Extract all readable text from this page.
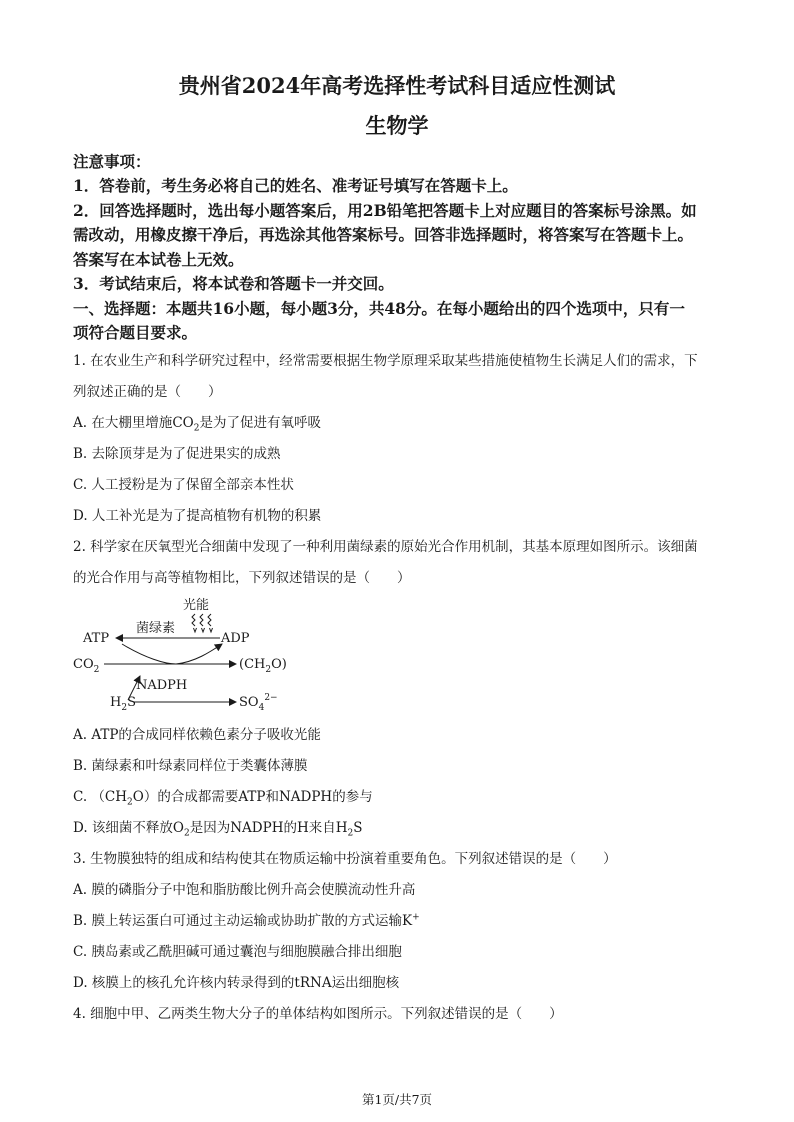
贵州省2024年高考选择性考试科目适应性测试
生物学
注意事项：
1．答卷前，考生务必将自己的姓名、准考证号填写在答题卡上。
2．回答选择题时，选出每小题答案后，用2B铅笔把答题卡上对应题目的答案标号涂黑。如
需改动，用橡皮擦干净后，再选涂其他答案标号。回答非选择题时，将答案写在答题卡上。
答案写在本试卷上无效。
3．考试结束后，将本试卷和答题卡一并交回。
一、选择题：本题共16小题，每小题3分，共48分。在每小题给出的四个选项中，只有一
项符合题目要求。
1. 在农业生产和科学研究过程中，经常需要根据生物学原理采取某些措施使植物生长满足人们的需求，下
列叙述正确的是（　　）
A. 在大棚里增施$CO_2$是为了促进有氧呼吸
B. 去除顶芽是为了促进果实的成熟
C. 人工授粉是为了保留全部亲本性状
D. 人工补光是为了提高植物有机物的积累
2. 科学家在厌氧型光合细菌中发现了一种利用菌绿素的原始光合作用机制，其基本原理如图所示。该细菌
的光合作用与高等植物相比，下列叙述错误的是（　　）
光能
菌绿素
ATP	ADP
$CO_2$	$(CH_2O)$
NADPH
$H_2S$	$SO_4^{2-}$
A. ATP的合成同样依赖色素分子吸收光能
B. 菌绿素和叶绿素同样位于类囊体薄膜
C. $(CH_2O)$的合成都需要ATP和NADPH的参与
D. 该细菌不释放$O_2$是因为NADPH的H来自$H_2S$
3. 生物膜独特的组成和结构使其在物质运输中扮演着重要角色。下列叙述错误的是（　　）
A. 膜的磷脂分子中饱和脂肪酸比例升高会使膜流动性升高
B. 膜上转运蛋白可通过主动运输或协助扩散的方式运输K+
C. 胰岛素或乙酰胆碱可通过囊泡与细胞膜融合排出细胞
D. 核膜上的核孔允许核内转录得到的tRNA运出细胞核
4. 细胞中甲、乙两类生物大分子的单体结构如图所示。下列叙述错误的是（　　）
第1页/共7页
